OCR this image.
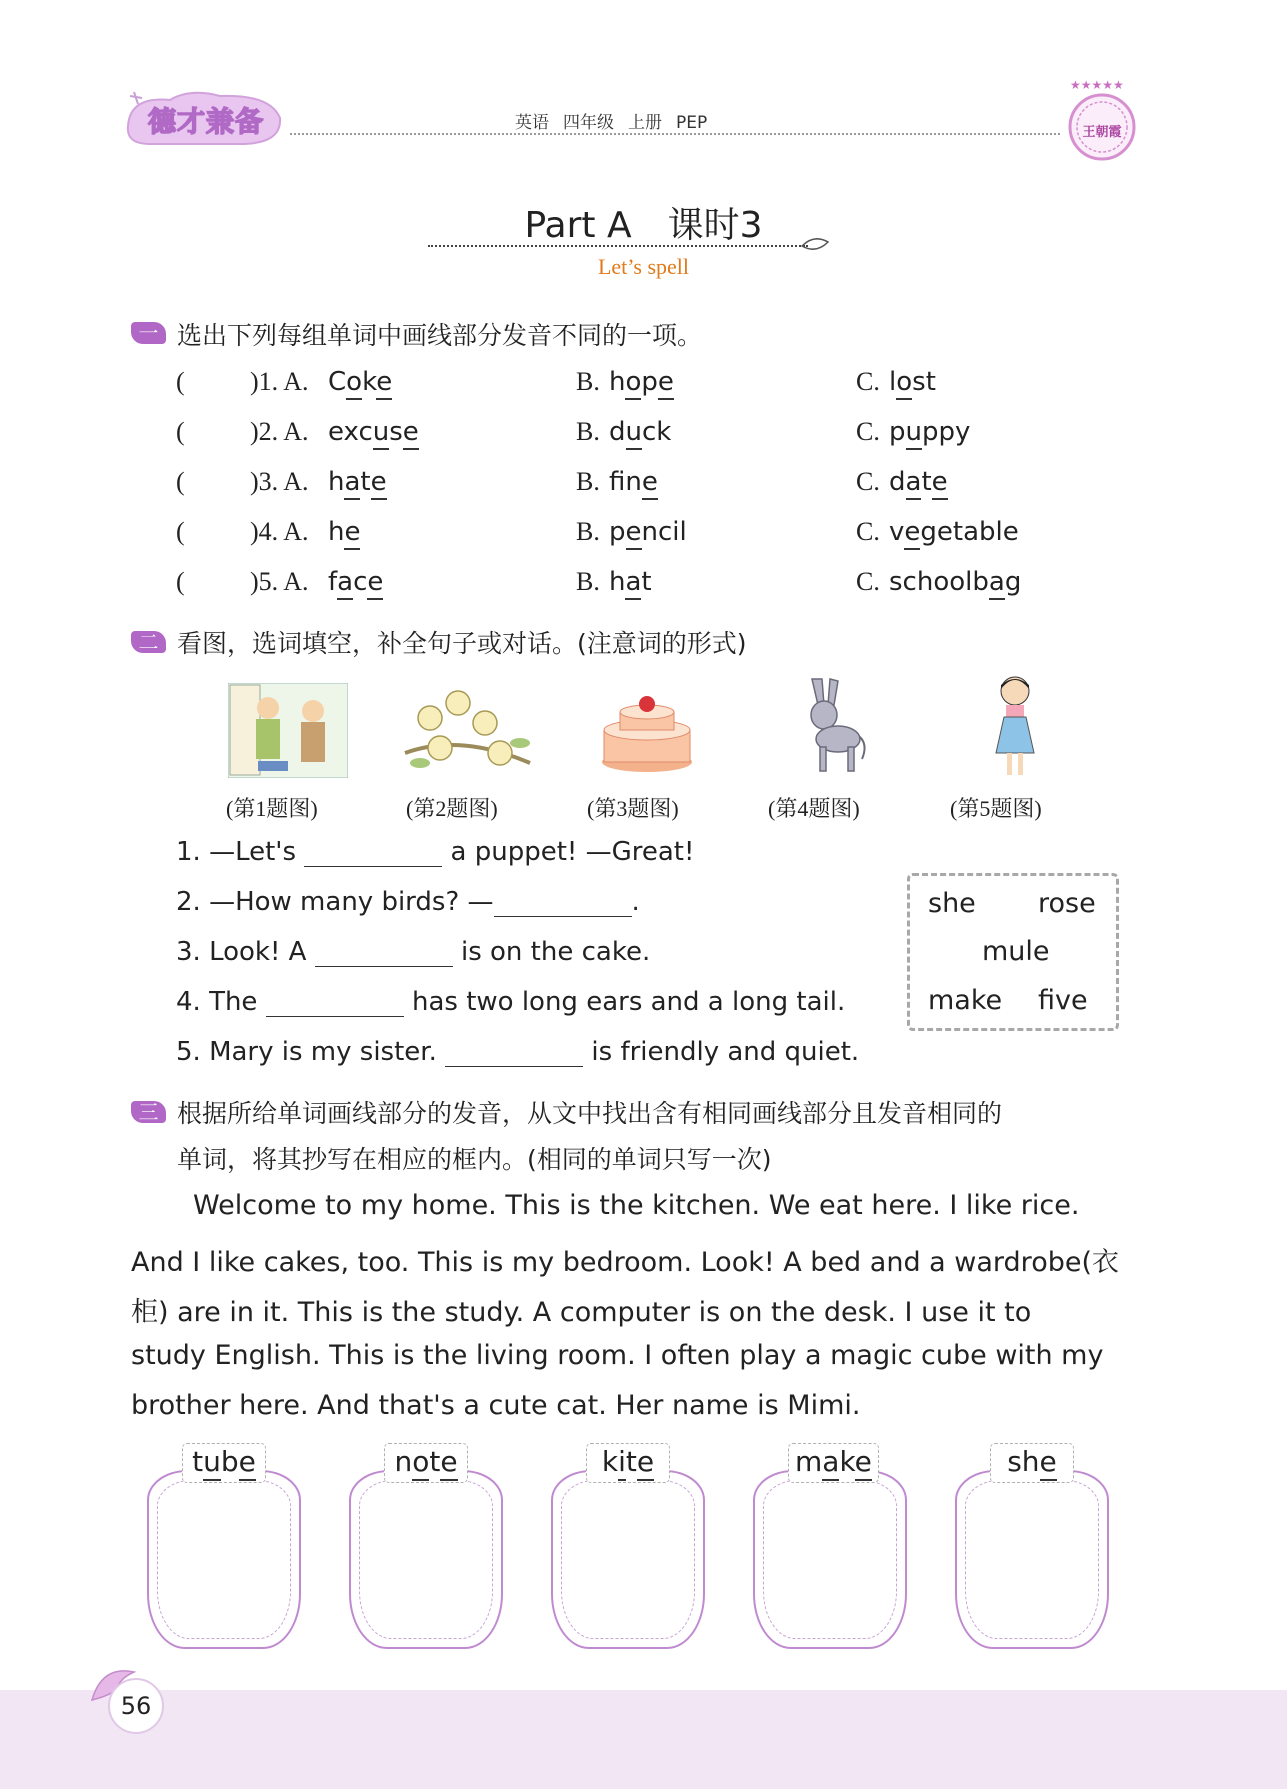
德才兼备	英语 四年级 上册 PEP
★★★★★
王朝霞
Part A　课时3
Let’s spell
一 选出下列每组单词中画线部分发音不同的一项。
(	)1. A. Coke	B. hope	C. lost
(	)2. A. excuse	B. duck	C. puppy
(	)3. A. hate	B. fne	C. date
(	)4. A. he	B. pencil	C. vegetable
(	)5. A. face	B. hat	C. schoolbag
二 看图，选词填空，补全句子或对话。(注意词的形式)
(第1题图)	(第2题图)	(第3题图)	(第4题图)	(第5题图)
1. —Let's	a puppet! —Great!
2. —How many birds? —	.
3. Look! A	is on the cake.
4. The	has two long ears and a long tail.
5. Mary is my sister.	is friendly and quiet.
she rose
mule
make five
三 根据所给单词画线部分的发音，从文中找出含有相同画线部分且发音相同的
单词，将其抄写在相应的框内。(相同的单词只写一次)
Welcome to my home. This is the kitchen. We eat here. I like rice.
And I like cakes, too. This is my bedroom. Look! A bed and a wardrobe(衣
柜) are in it. This is the study. A computer is on the desk. I use it to
study English. This is the living room. I often play a magic cube with my
brother here. And that's a cute cat. Her name is Mimi.
tube	note	kite	make	she
56
